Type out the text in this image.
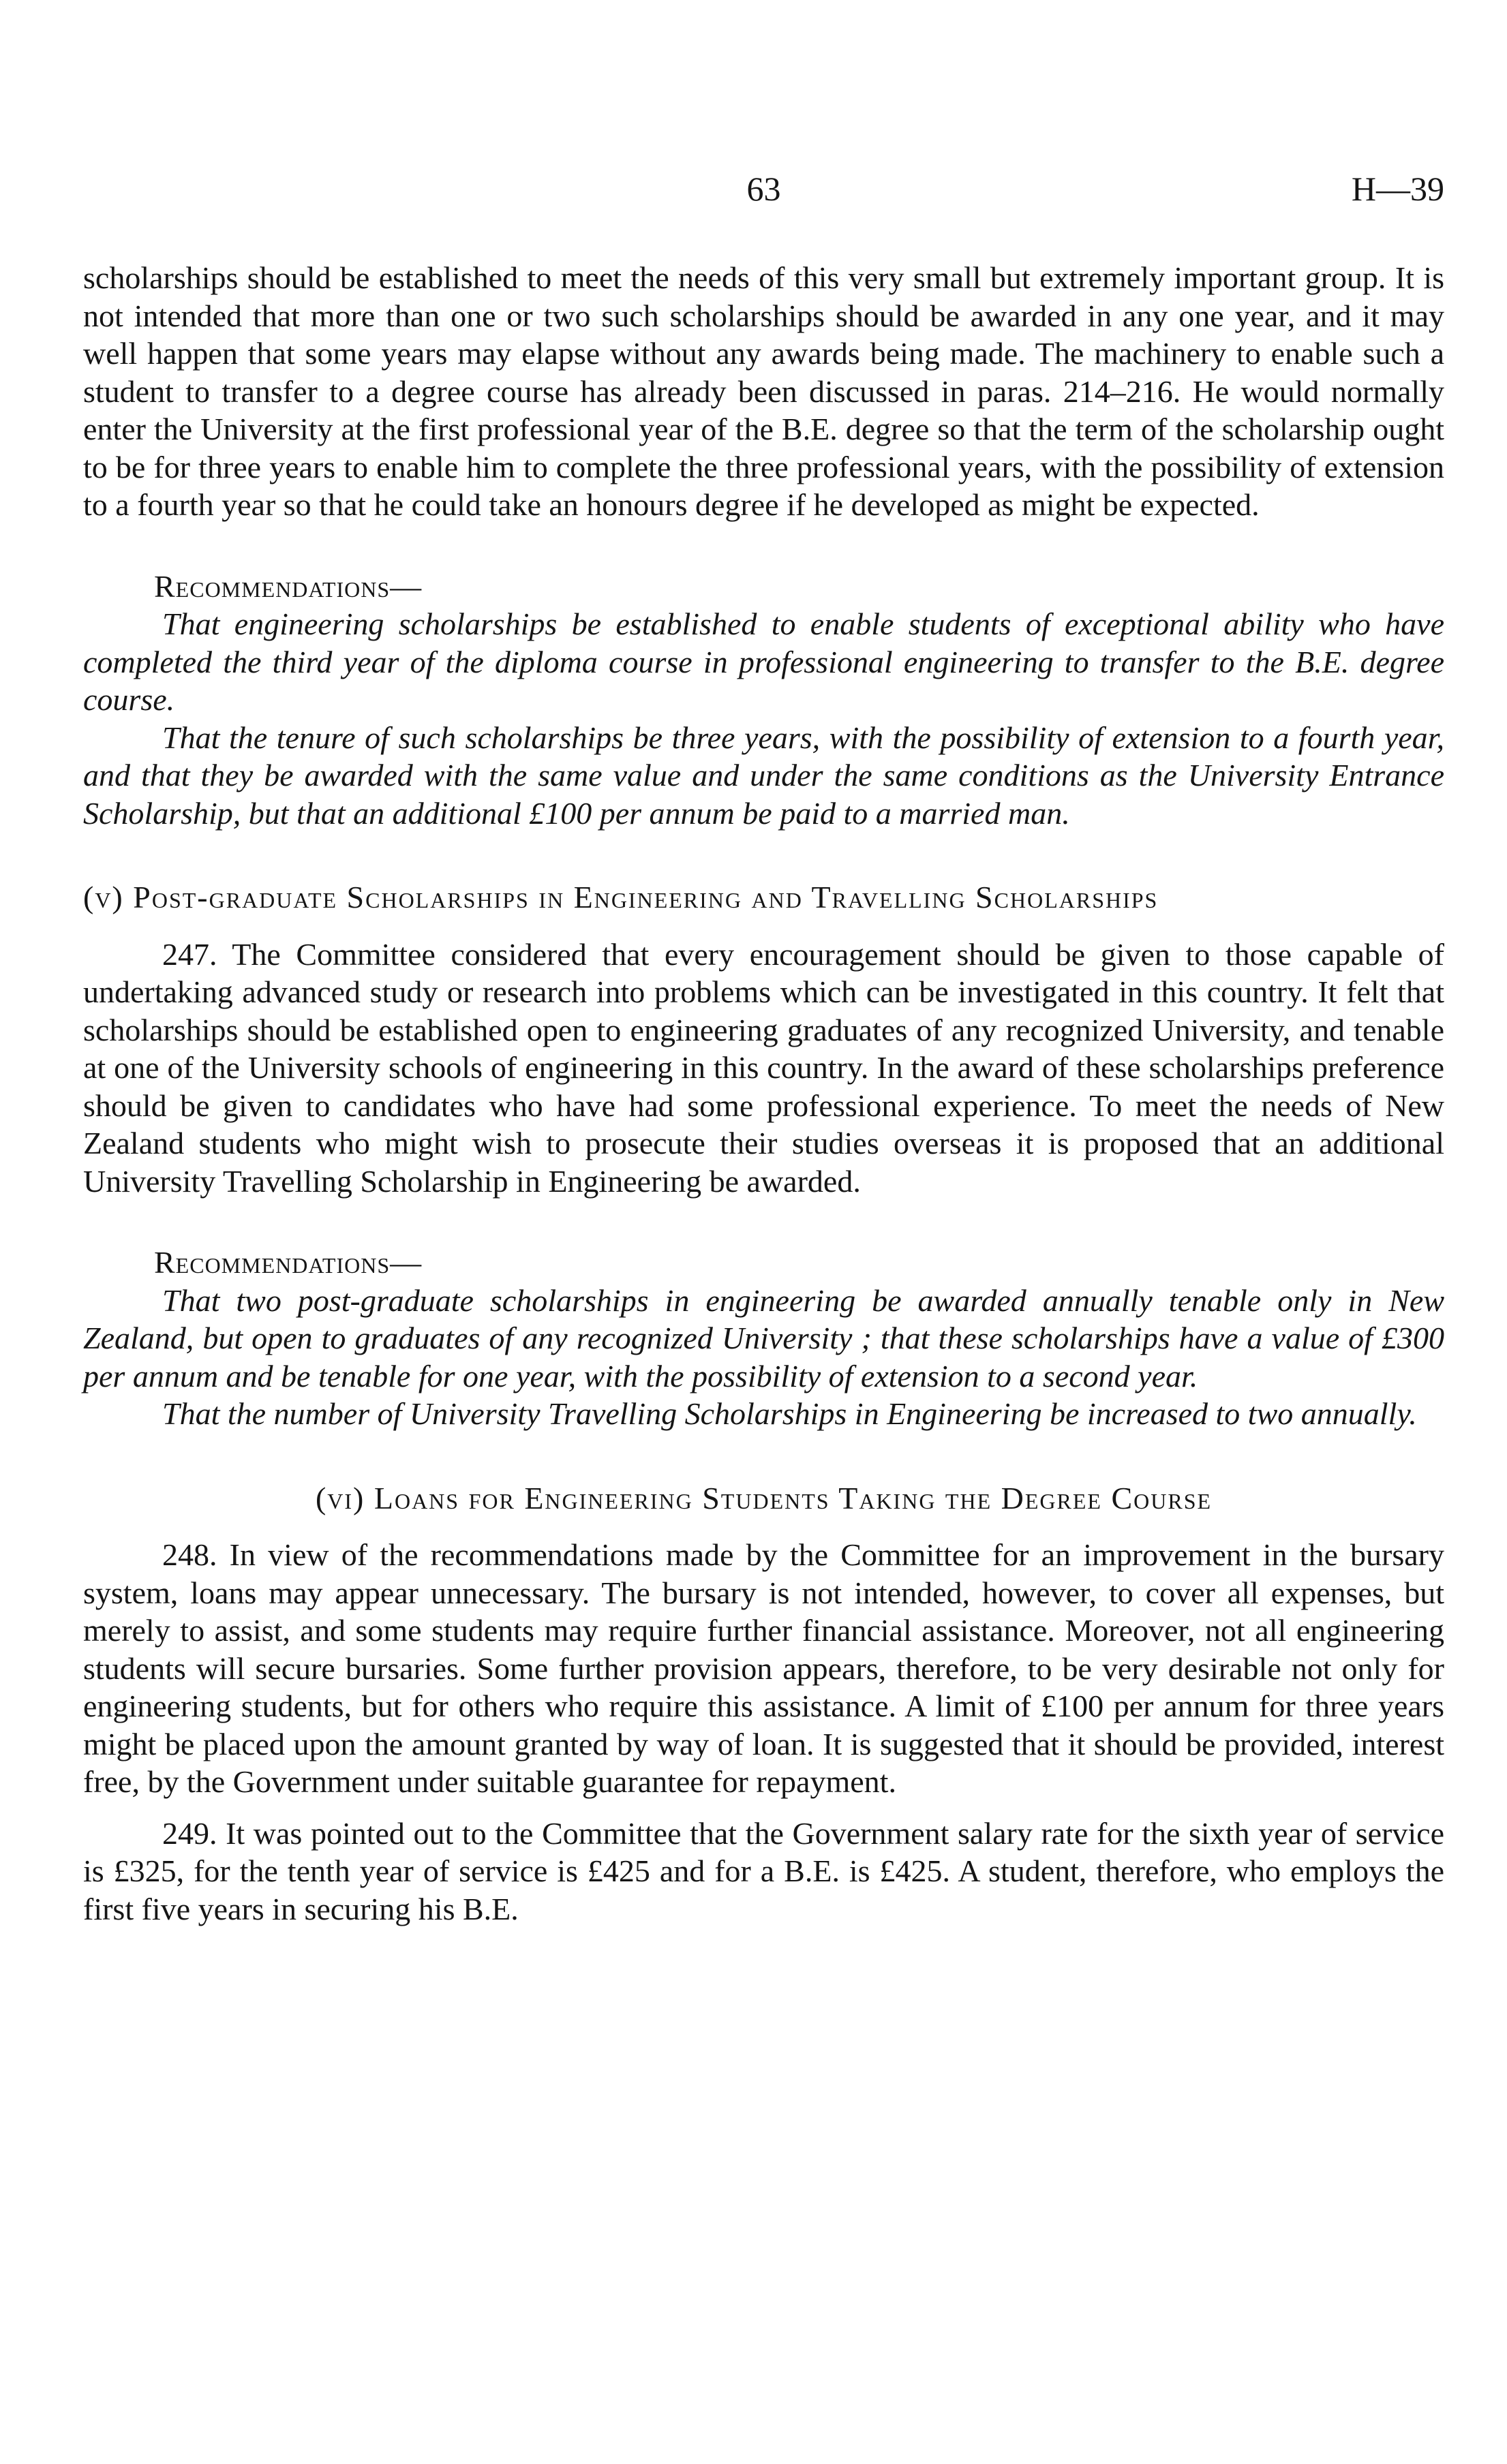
63	H—39

scholarships should be established to meet the needs of this very small but extremely important group. It is not intended that more than one or two such scholarships should be awarded in any one year, and it may well happen that some years may elapse without any awards being made. The machinery to enable such a student to transfer to a degree course has already been discussed in paras. 214–216. He would normally enter the University at the first professional year of the B.E. degree so that the term of the scholarship ought to be for three years to enable him to complete the three professional years, with the possibility of extension to a fourth year so that he could take an honours degree if he developed as might be expected.

Recommendations—

That engineering scholarships be established to enable students of exceptional ability who have completed the third year of the diploma course in professional engineering to transfer to the B.E. degree course.

That the tenure of such scholarships be three years, with the possibility of extension to a fourth year, and that they be awarded with the same value and under the same conditions as the University Entrance Scholarship, but that an additional £100 per annum be paid to a married man.

(v) Post-graduate Scholarships in Engineering and Travelling Scholarships

247. The Committee considered that every encouragement should be given to those capable of undertaking advanced study or research into problems which can be investigated in this country. It felt that scholarships should be established open to engineering graduates of any recognized University, and tenable at one of the University schools of engineering in this country. In the award of these scholarships preference should be given to candidates who have had some professional experience. To meet the needs of New Zealand students who might wish to prosecute their studies overseas it is proposed that an additional University Travelling Scholarship in Engineering be awarded.

Recommendations—

That two post-graduate scholarships in engineering be awarded annually tenable only in New Zealand, but open to graduates of any recognized University ; that these scholarships have a value of £300 per annum and be tenable for one year, with the possibility of extension to a second year.

That the number of University Travelling Scholarships in Engineering be increased to two annually.

(vi) Loans for Engineering Students Taking the Degree Course

248. In view of the recommendations made by the Committee for an improvement in the bursary system, loans may appear unnecessary. The bursary is not intended, however, to cover all expenses, but merely to assist, and some students may require further financial assistance. Moreover, not all engineering students will secure bursaries. Some further provision appears, therefore, to be very desirable not only for engineering students, but for others who require this assistance. A limit of £100 per annum for three years might be placed upon the amount granted by way of loan. It is suggested that it should be provided, interest free, by the Government under suitable guarantee for repayment.

249. It was pointed out to the Committee that the Government salary rate for the sixth year of service is £325, for the tenth year of service is £425 and for a B.E. is £425. A student, therefore, who employs the first five years in securing his B.E.
